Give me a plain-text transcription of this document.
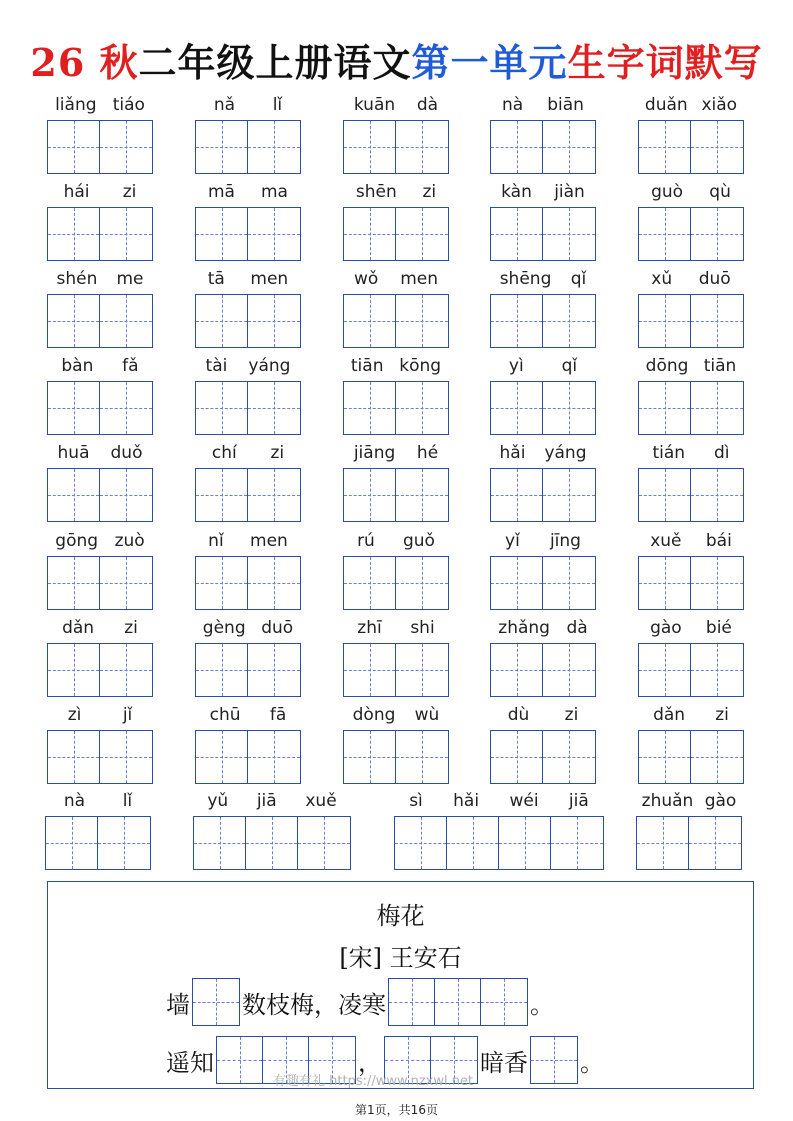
26 秋二年级上册语文第一单元生字词默写
liǎng tiáo	nǎ lǐ	kuān dà	nà biān	duǎn xiǎo
hái zi	mā ma	shēn zi	kàn jiàn	guò qù
shén me	tā men	wǒ men	shēng qǐ	xǔ duō
bàn fǎ	tài yáng	tiān kōng	yì qǐ	dōng tiān
huā duǒ	chí zi	jiāng hé	hǎi yáng	tián dì
gōng zuò	nǐ men	rú guǒ	yǐ jīng	xuě bái
dǎn zi	gèng duō	zhī shi	zhǎng dà	gào bié
zì jǐ	chū fā	dòng wù	dù zi	dǎn zi
nà lǐ	yǔ jiā xuě	sì hǎi wéi jiā	zhuǎn gào
梅花
[宋] 王安石
墙 数枝梅，凌寒	。
遥知	，	暗香 。
有趣有礼 https://www.nzxwl.net
第1页，共16页
